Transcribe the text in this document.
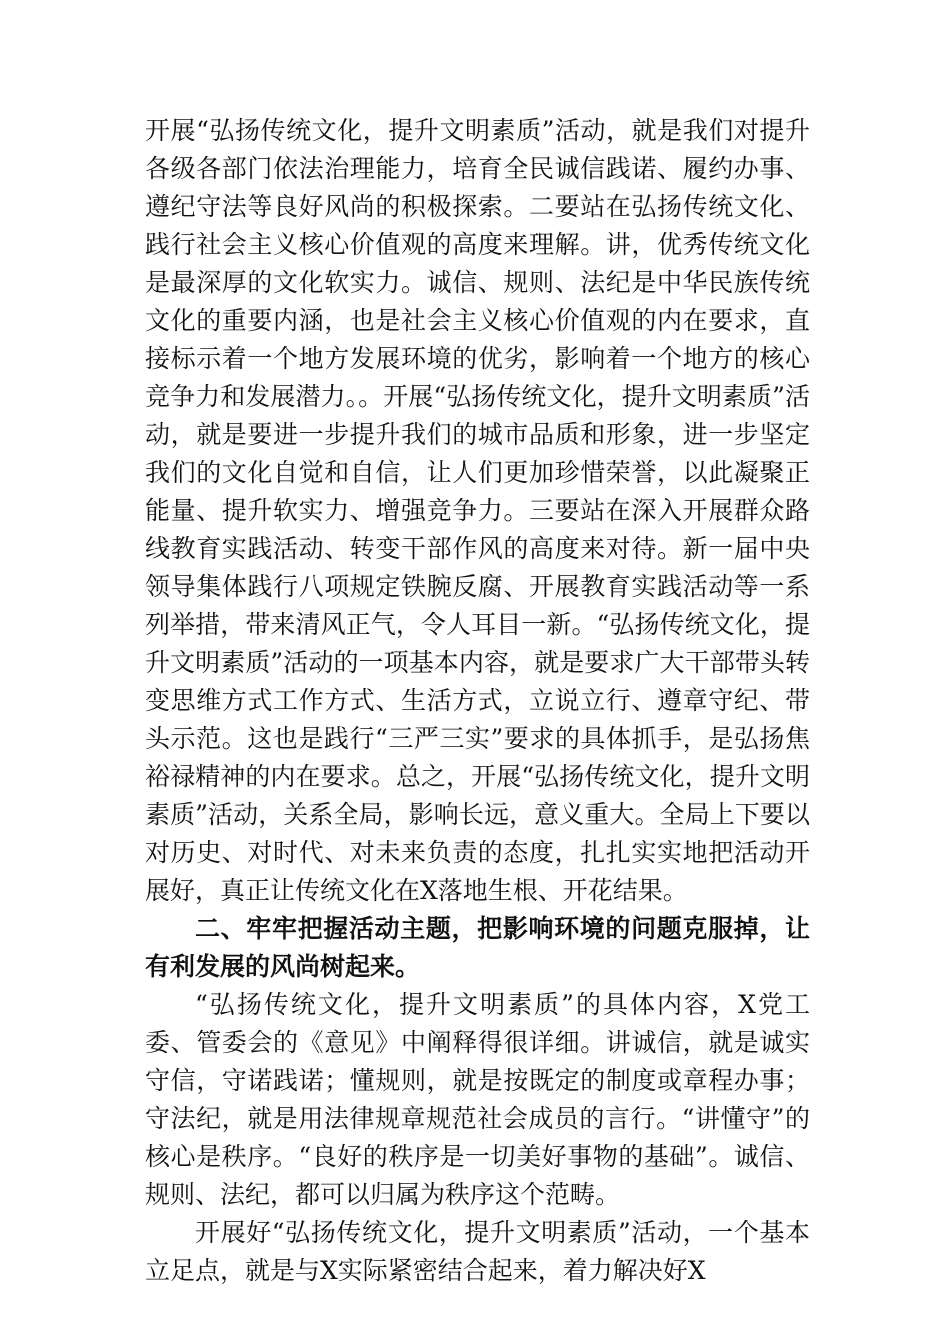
开展“弘扬传统文化，提升文明素质”活动，就是我们对提升各级各部门依法治理能力，培育全民诚信践诺、履约办事、遵纪守法等良好风尚的积极探索。二要站在弘扬传统文化、践行社会主义核心价值观的高度来理解。讲，优秀传统文化是最深厚的文化软实力。诚信、规则、法纪是中华民族传统文化的重要内涵，也是社会主义核心价值观的内在要求，直接标示着一个地方发展环境的优劣，影响着一个地方的核心竞争力和发展潜力。。开展“弘扬传统文化，提升文明素质”活动，就是要进一步提升我们的城市品质和形象，进一步坚定我们的文化自觉和自信，让人们更加珍惜荣誉，以此凝聚正能量、提升软实力、增强竞争力。三要站在深入开展群众路线教育实践活动、转变干部作风的高度来对待。新一届中央领导集体践行八项规定铁腕反腐、开展教育实践活动等一系列举措，带来清风正气，令人耳目一新。“弘扬传统文化，提升文明素质”活动的一项基本内容，就是要求广大干部带头转变思维方式工作方式、生活方式，立说立行、遵章守纪、带头示范。这也是践行“三严三实”要求的具体抓手，是弘扬焦裕禄精神的内在要求。总之，开展“弘扬传统文化，提升文明素质”活动，关系全局，影响长远，意义重大。全局上下要以对历史、对时代、对未来负责的态度，扎扎实实地把活动开展好，真正让传统文化在X落地生根、开花结果。

二、牢牢把握活动主题，把影响环境的问题克服掉，让有利发展的风尚树起来。

“弘扬传统文化，提升文明素质”的具体内容，X党工委、管委会的《意见》中阐释得很详细。讲诚信，就是诚实守信，守诺践诺；懂规则，就是按既定的制度或章程办事；守法纪，就是用法律规章规范社会成员的言行。“讲懂守”的核心是秩序。“良好的秩序是一切美好事物的基础”。诚信、规则、法纪，都可以归属为秩序这个范畴。

开展好“弘扬传统文化，提升文明素质”活动，一个基本立足点，就是与X实际紧密结合起来，着力解决好X
